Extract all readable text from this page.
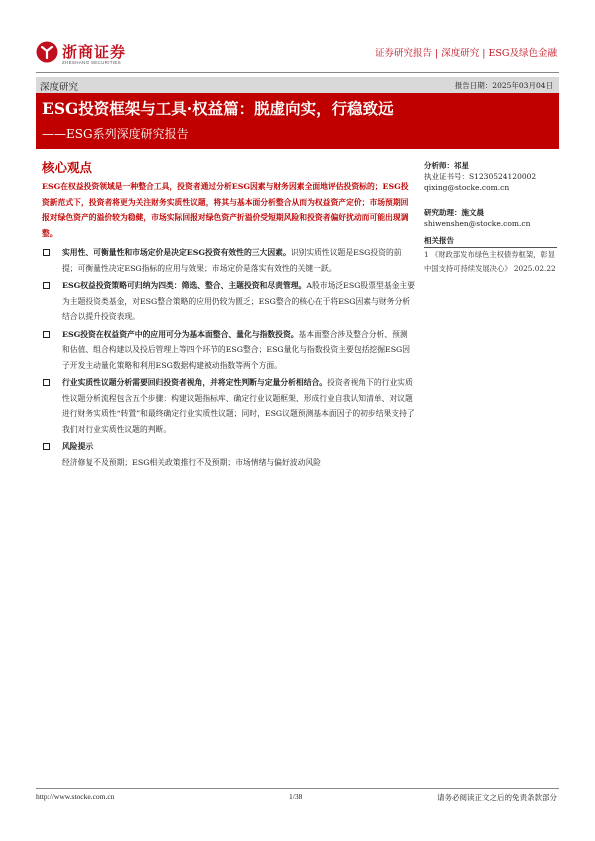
浙商证券
ZHESHANG SECURITIES
证券研究报告 | 深度研究 | ESG及绿色金融
深度研究	报告日期：2025年03月04日
ESG投资框架与工具·权益篇：脱虚向实，行稳致远
——ESG系列深度研究报告
核心观点
ESG在权益投资领域是一种整合工具，投资者通过分析ESG因素与财务因素全面地评估投资标的；ESG投资新范式下，投资者将更为关注财务实质性议题，将其与基本面分析整合从而为权益资产定价；市场预期回报对绿色资产的溢价较为稳健，市场实际回报对绿色资产折溢价受短期风险和投资者偏好扰动而可能出现调整。
实用性、可衡量性和市场定价是决定ESG投资有效性的三大因素。识别实质性议题是ESG投资的前提；可衡量性决定ESG指标的应用与效果；市场定价是落实有效性的关键一跃。
ESG权益投资策略可归纳为四类：筛选、整合、主题投资和尽责管理。A股市场泛ESG股票型基金主要为主题投资类基金，对ESG整合策略的应用仍较为匮乏；ESG整合的核心在于将ESG因素与财务分析结合以提升投资表现。
ESG投资在权益资产中的应用可分为基本面整合、量化与指数投资。基本面整合涉及整合分析、预测和估值、组合构建以及投后管理上等四个环节的ESG整合；ESG量化与指数投资主要包括挖掘ESG因子开发主动量化策略和利用ESG数据构建被动指数等两个方面。
行业实质性议题分析需要回归投资者视角，并将定性判断与定量分析相结合。投资者视角下的行业实质性议题分析流程包含五个步骤：构建议题指标库、确定行业议题框架、形成行业自我认知清单、对议题进行财务实质性“转置”和最终确定行业实质性议题；同时，ESG议题预测基本面因子的初步结果支持了我们对行业实质性议题的判断。
风险提示
经济修复不及预期；ESG相关政策推行不及预期；市场情绪与偏好波动风险
分析师：祁星
执业证书号：S1230524120002
qixing@stocke.com.cn
研究助理：施文晨
shiwenshen@stocke.com.cn
相关报告
1 《财政部发布绿色主权债券框架，彰显中国支持可持续发展决心》 2025.02.22
http://www.stocke.com.cn	1/38	请务必阅读正文之后的免责条款部分
